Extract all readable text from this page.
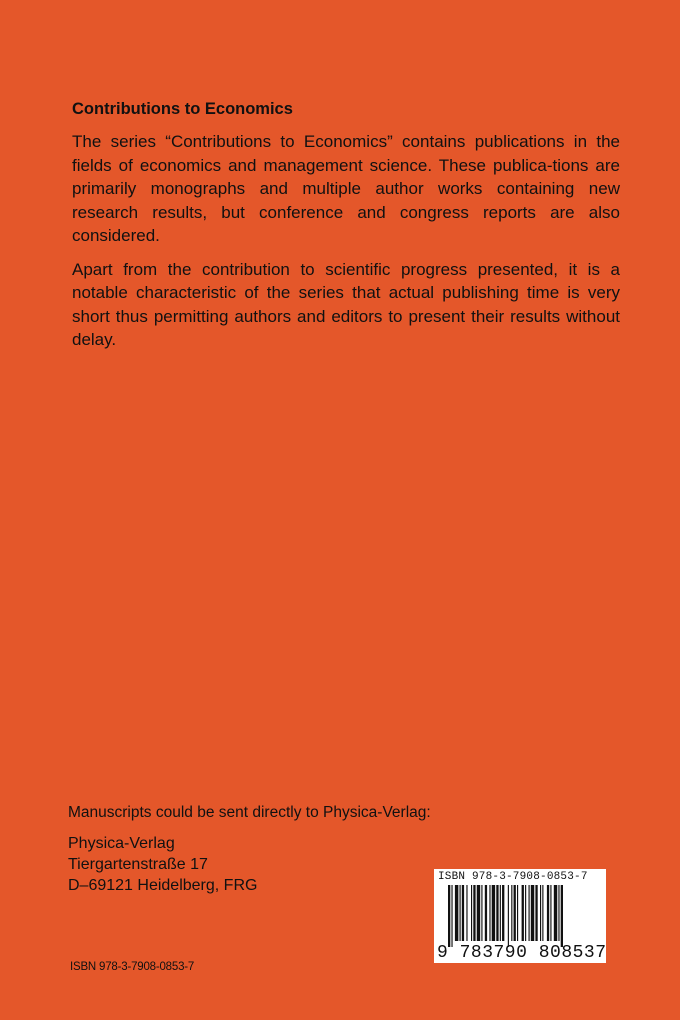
Contributions to Economics

The series “Contributions to Economics” contains publications in the fields of economics and management science. These publica-tions are primarily monographs and multiple author works containing new research results, but conference and congress reports are also considered.

Apart from the contribution to scientific progress presented, it is a notable characteristic of the series that actual publishing time is very short thus permitting authors and editors to present their results without delay.

Manuscripts could be sent directly to Physica-Verlag:

Physica-Verlag

Tiergartenstraße 17

D–69121 Heidelberg, FRG	ISBN 978-3-7908-0853-7
9 783790 808537
ISBN 978-3-7908-0853-7
